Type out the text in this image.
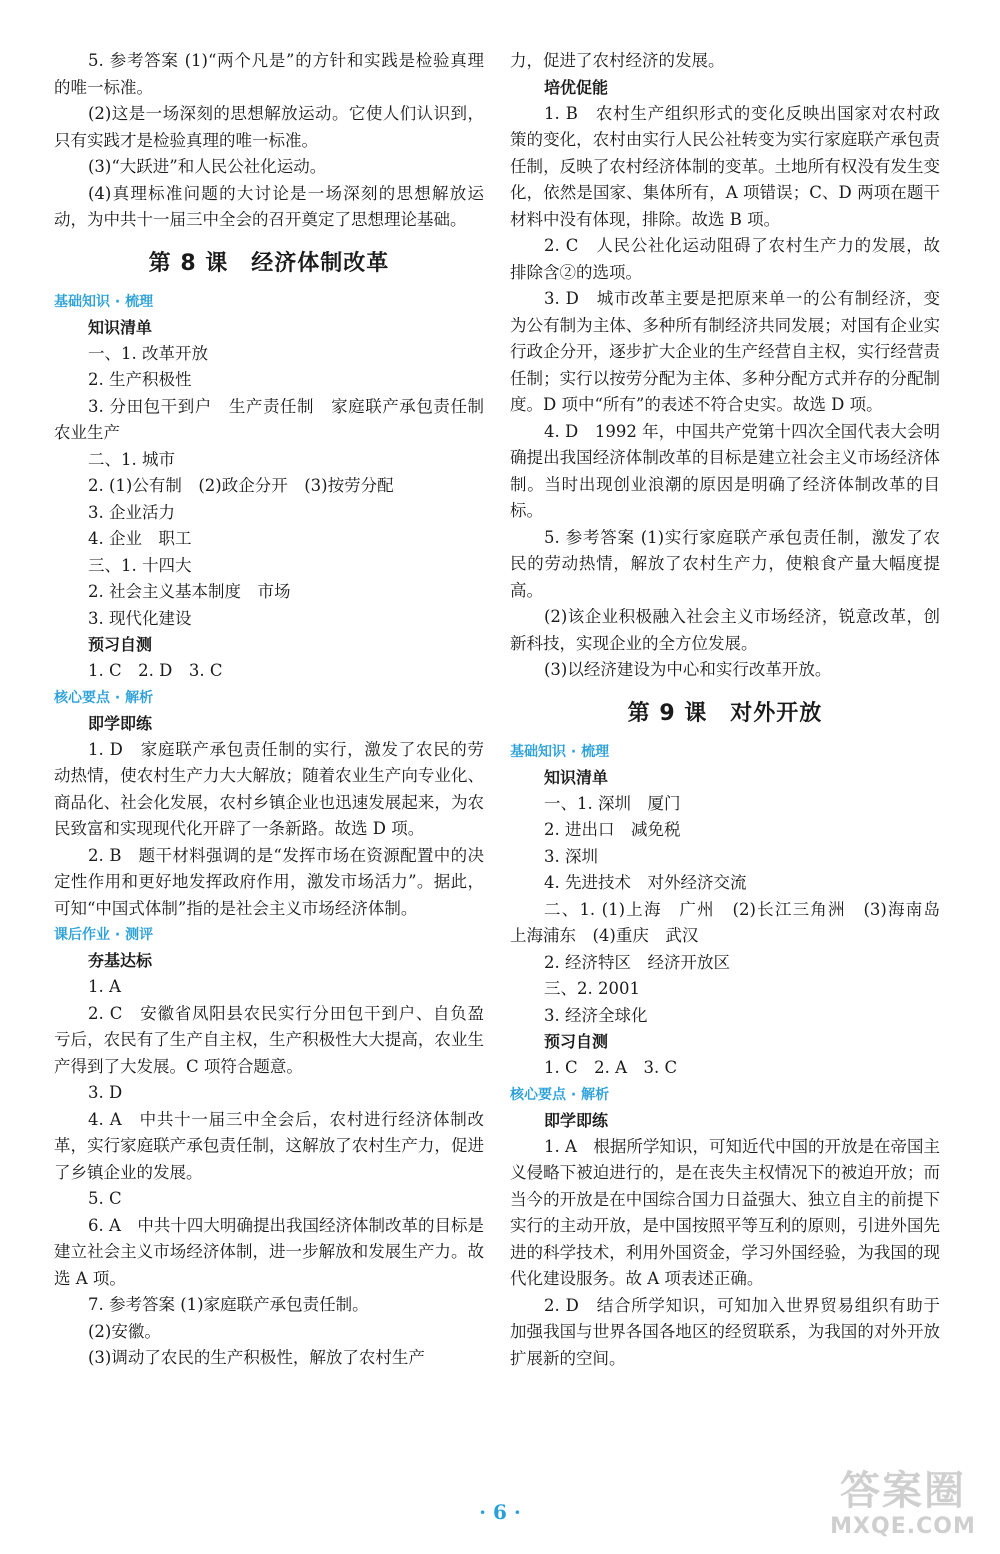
5. 参考答案 (1)“两个凡是”的方针和实践是检验真理的唯一标准。

(2)这是一场深刻的思想解放运动。它使人们认识到，只有实践才是检验真理的唯一标准。

(3)“大跃进”和人民公社化运动。

(4)真理标准问题的大讨论是一场深刻的思想解放运动，为中共十一届三中全会的召开奠定了思想理论基础。

第 8 课　经济体制改革
基础知识 · 梳理
知识清单

一、1. 改革开放

2. 生产积极性

3. 分田包干到户　生产责任制　家庭联产承包责任制　农业生产

二、1. 城市

2. (1)公有制　(2)政企分开　(3)按劳分配

3. 企业活力

4. 企业　职工

三、1. 十四大

2. 社会主义基本制度　市场

3. 现代化建设

预习自测

1. C　2. D　3. C

核心要点 · 解析
即学即练

1. D　家庭联产承包责任制的实行，激发了农民的劳动热情，使农村生产力大大解放；随着农业生产向专业化、商品化、社会化发展，农村乡镇企业也迅速发展起来，为农民致富和实现现代化开辟了一条新路。故选 D 项。

2. B　题干材料强调的是“发挥市场在资源配置中的决定性作用和更好地发挥政府作用，激发市场活力”。据此，可知“中国式体制”指的是社会主义市场经济体制。

课后作业 · 测评
夯基达标

1. A

2. C　安徽省凤阳县农民实行分田包干到户、自负盈亏后，农民有了生产自主权，生产积极性大大提高，农业生产得到了大发展。C 项符合题意。

3. D

4. A　中共十一届三中全会后，农村进行经济体制改革，实行家庭联产承包责任制，这解放了农村生产力，促进了乡镇企业的发展。

5. C

6. A　中共十四大明确提出我国经济体制改革的目标是建立社会主义市场经济体制，进一步解放和发展生产力。故选 A 项。

7. 参考答案 (1)家庭联产承包责任制。

(2)安徽。

(3)调动了农民的生产积极性，解放了农村生产

力，促进了农村经济的发展。

培优促能

1. B　农村生产组织形式的变化反映出国家对农村政策的变化，农村由实行人民公社转变为实行家庭联产承包责任制，反映了农村经济体制的变革。土地所有权没有发生变化，依然是国家、集体所有，A 项错误；C、D 两项在题干材料中没有体现，排除。故选 B 项。

2. C　人民公社化运动阻碍了农村生产力的发展，故排除含②的选项。

3. D　城市改革主要是把原来单一的公有制经济，变为公有制为主体、多种所有制经济共同发展；对国有企业实行政企分开，逐步扩大企业的生产经营自主权，实行经营责任制；实行以按劳分配为主体、多种分配方式并存的分配制度。D 项中“所有”的表述不符合史实。故选 D 项。

4. D　1992 年，中国共产党第十四次全国代表大会明确提出我国经济体制改革的目标是建立社会主义市场经济体制。当时出现创业浪潮的原因是明确了经济体制改革的目标。

5. 参考答案 (1)实行家庭联产承包责任制，激发了农民的劳动热情，解放了农村生产力，使粮食产量大幅度提高。

(2)该企业积极融入社会主义市场经济，锐意改革，创新科技，实现企业的全方位发展。

(3)以经济建设为中心和实行改革开放。

第 9 课　对外开放
基础知识 · 梳理
知识清单

一、1. 深圳　厦门

2. 进出口　减免税

3. 深圳

4. 先进技术　对外经济交流

二、1. (1)上海　广州　(2)长江三角洲　(3)海南岛　上海浦东　(4)重庆　武汉

2. 经济特区　经济开放区

三、2. 2001

3. 经济全球化

预习自测

1. C　2. A　3. C

核心要点 · 解析
即学即练

1. A　根据所学知识，可知近代中国的开放是在帝国主义侵略下被迫进行的，是在丧失主权情况下的被迫开放；而当今的开放是在中国综合国力日益强大、独立自主的前提下实行的主动开放，是中国按照平等互利的原则，引进外国先进的科学技术，利用外国资金，学习外国经验，为我国的现代化建设服务。故 A 项表述正确。

2. D　结合所学知识，可知加入世界贸易组织有助于加强我国与世界各国各地区的经贸联系，为我国的对外开放扩展新的空间。

· 6 ·	答案圈
MXQE.COM
